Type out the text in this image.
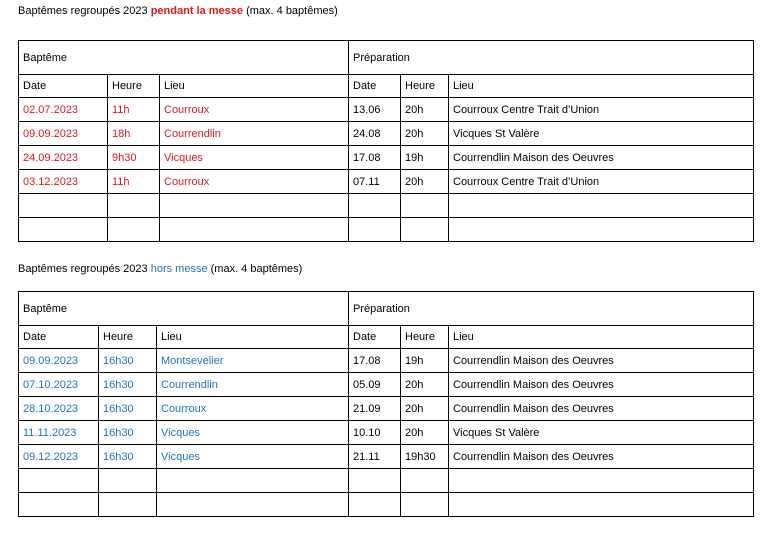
Baptêmes regroupés 2023 pendant la messe (max. 4 baptêmes)
Baptême			Préparation		
Date	Heure	Lieu	Date	Heure	Lieu
02.07.2023	11h	Courroux	13.06	20h	Courroux Centre Trait d’Union
09.09.2023	18h	Courrendlin	24.08	20h	Vicques St Valère
24.09.2023	9h30	Vicques	17.08	19h	Courrendlin Maison des Oeuvres
03.12.2023	11h	Courroux	07.11	20h	Courroux Centre Trait d’Union

Baptêmes regroupés 2023 hors messe (max. 4 baptêmes)
Baptême			Préparation		
Date	Heure	Lieu	Date	Heure	Lieu
09.09.2023	16h30	Montsevelier	17.08	19h	Courrendlin Maison des Oeuvres
07.10.2023	16h30	Courrendlin	05.09	20h	Courrendlin Maison des Oeuvres
28.10.2023	16h30	Courroux	21.09	20h	Courrendlin Maison des Oeuvres
11.11.2023	16h30	Vicques	10.10	20h	Vicques St Valère
09.12.2023	16h30	Vicques	21.11	19h30	Courrendlin Maison des Oeuvres
